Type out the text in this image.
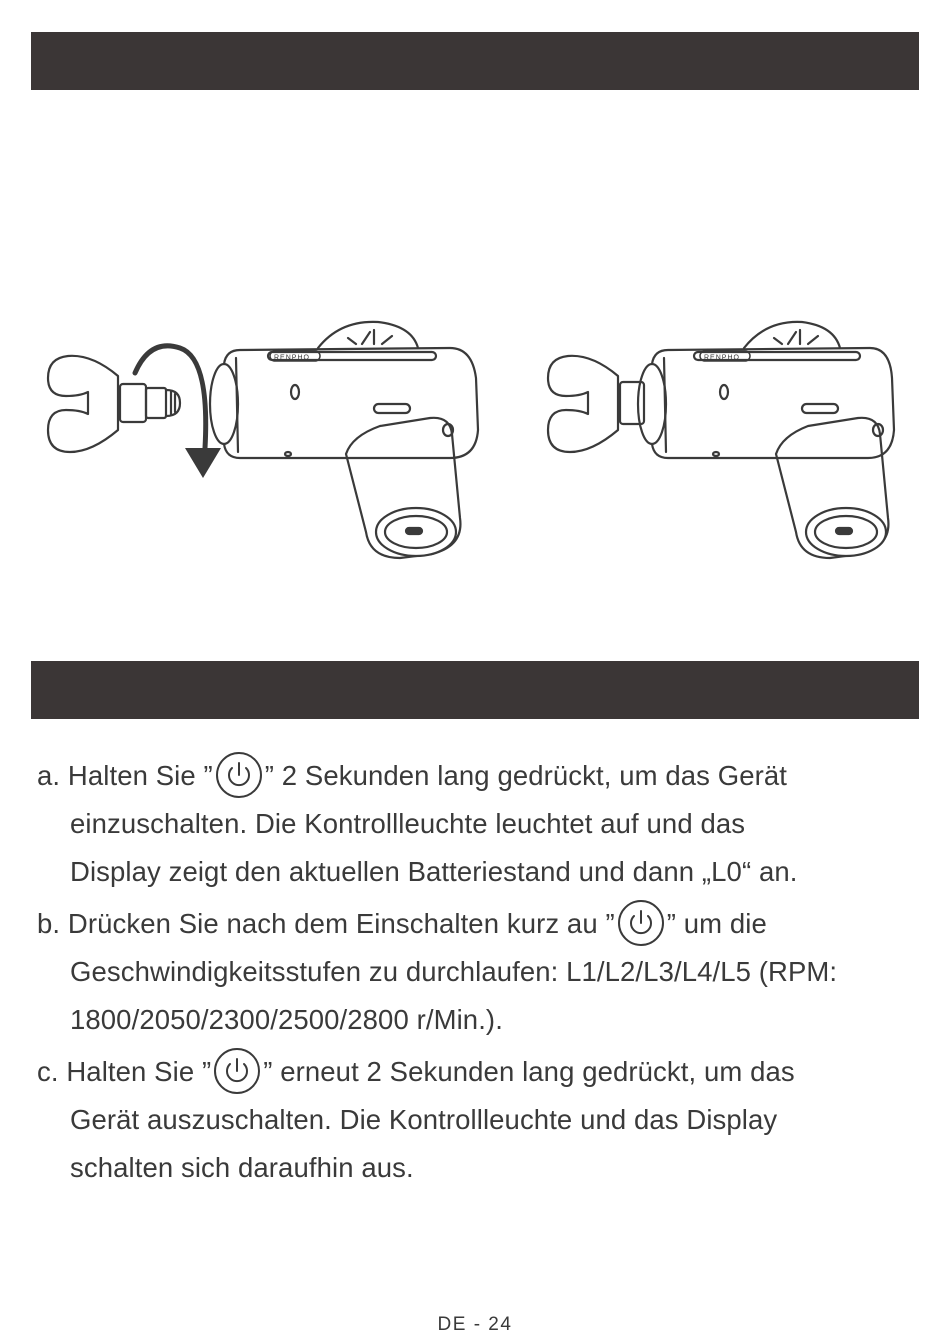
RENPHO	RENPHO
a. Halten Sie ” ” 2 Sekunden lang gedrückt, um das Gerät
einzuschalten. Die Kontrollleuchte leuchtet auf und das
Display zeigt den aktuellen Batteriestand und dann „L0“ an.
b. Drücken Sie nach dem Einschalten kurz au ” ” um die
Geschwindigkeitsstufen zu durchlaufen: L1/L2/L3/L4/L5 (RPM:
1800/2050/2300/2500/2800 r/Min.).
c. Halten Sie ” ” erneut 2 Sekunden lang gedrückt, um das
Gerät auszuschalten. Die Kontrollleuchte und das Display
schalten sich daraufhin aus.
DE - 24
